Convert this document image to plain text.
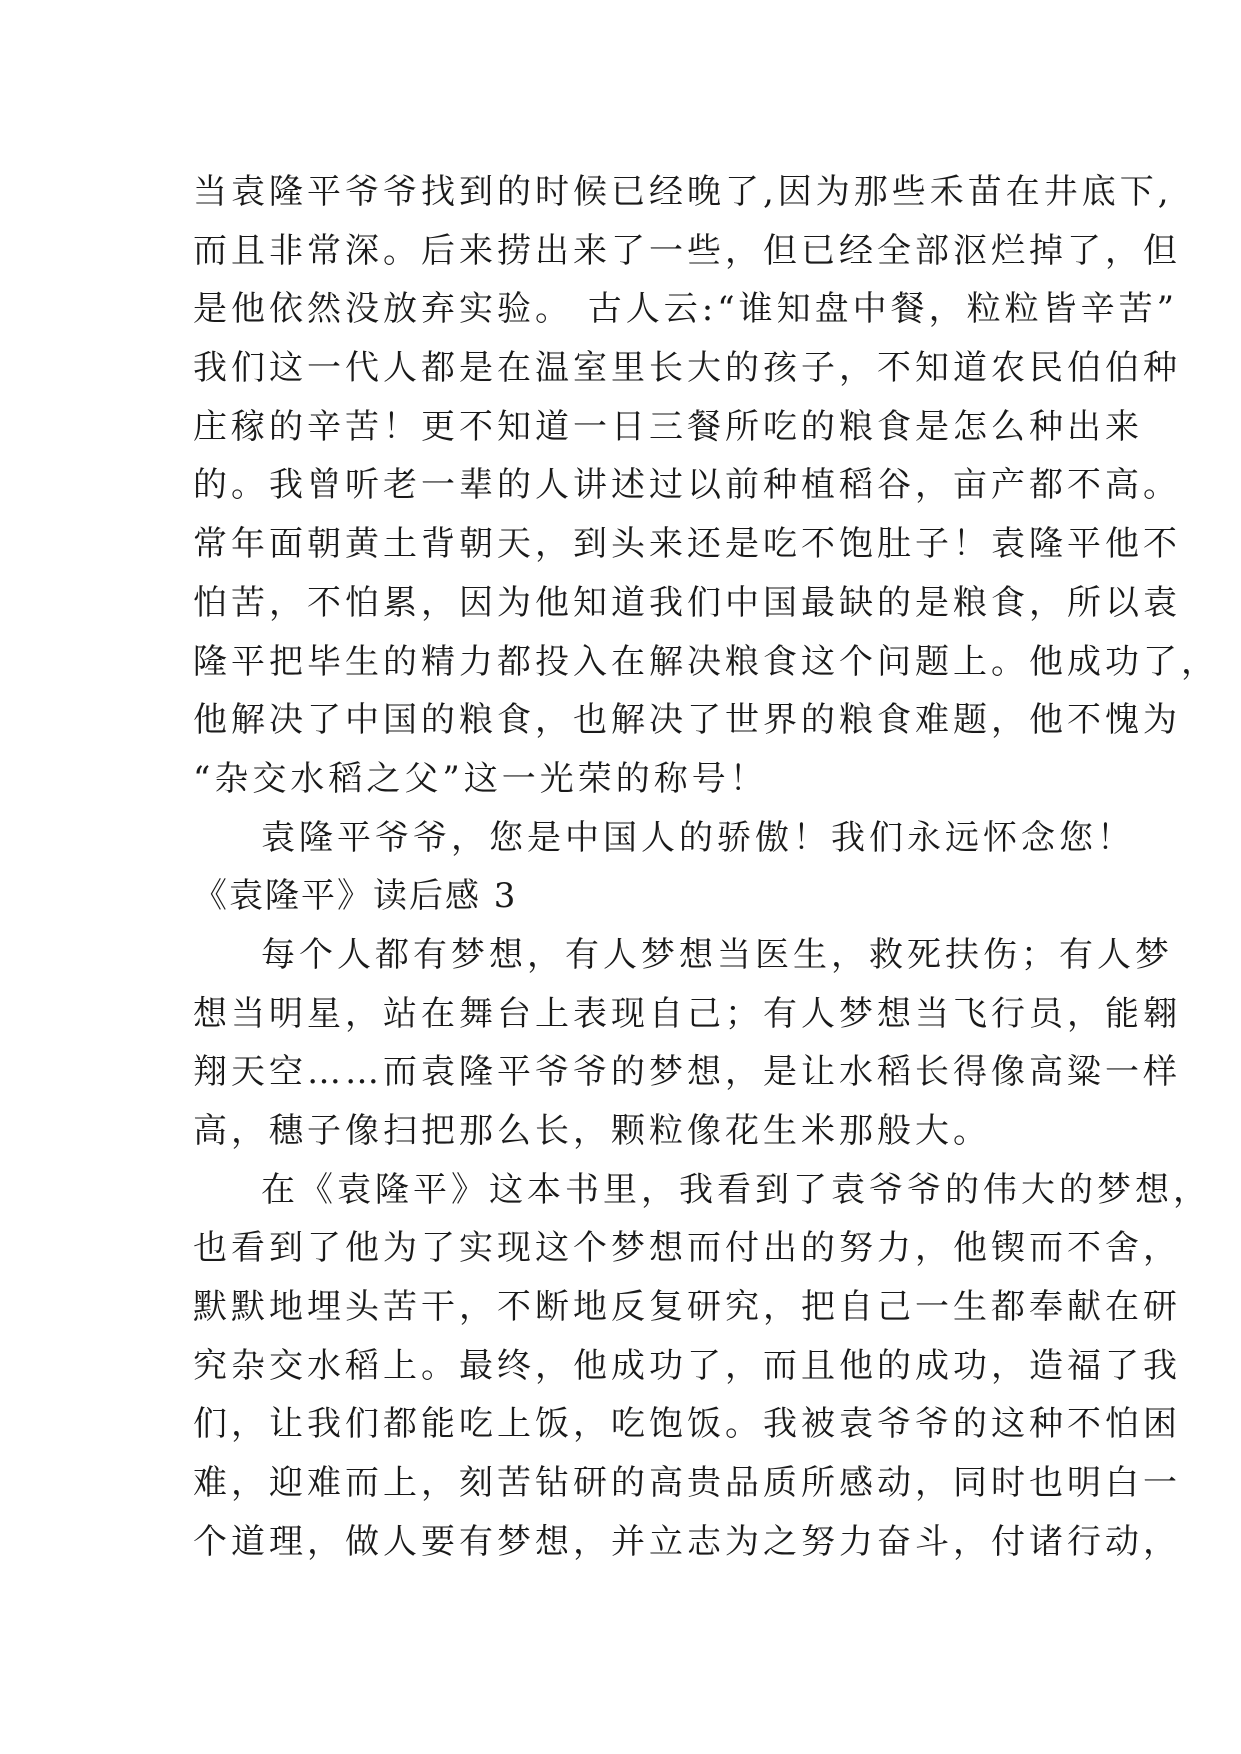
当袁隆平爷爷找到的时候已经晚了,因为那些禾苗在井底下,
而且非常深。后来捞出来了一些，但已经全部沤烂掉了，但
是他依然没放弃实验。 古人云:“谁知盘中餐，粒粒皆辛苦”
我们这一代人都是在温室里长大的孩子，不知道农民伯伯种
庄稼的辛苦！更不知道一日三餐所吃的粮食是怎么种出来
的。我曾听老一辈的人讲述过以前种植稻谷，亩产都不高。
常年面朝黄土背朝天，到头来还是吃不饱肚子！袁隆平他不
怕苦，不怕累，因为他知道我们中国最缺的是粮食，所以袁
隆平把毕生的精力都投入在解决粮食这个问题上。他成功了，
他解决了中国的粮食，也解决了世界的粮食难题，他不愧为
“杂交水稻之父”这一光荣的称号！
袁隆平爷爷，您是中国人的骄傲！我们永远怀念您！
《袁隆平》读后感 3
每个人都有梦想，有人梦想当医生，救死扶伤；有人梦
想当明星，站在舞台上表现自己；有人梦想当飞行员，能翱
翔天空……而袁隆平爷爷的梦想，是让水稻长得像高粱一样
高，穗子像扫把那么长，颗粒像花生米那般大。
在《袁隆平》这本书里，我看到了袁爷爷的伟大的梦想，
也看到了他为了实现这个梦想而付出的努力，他锲而不舍，
默默地埋头苦干，不断地反复研究，把自己一生都奉献在研
究杂交水稻上。最终，他成功了，而且他的成功，造福了我
们，让我们都能吃上饭，吃饱饭。我被袁爷爷的这种不怕困
难，迎难而上，刻苦钻研的高贵品质所感动，同时也明白一
个道理，做人要有梦想，并立志为之努力奋斗，付诸行动，
